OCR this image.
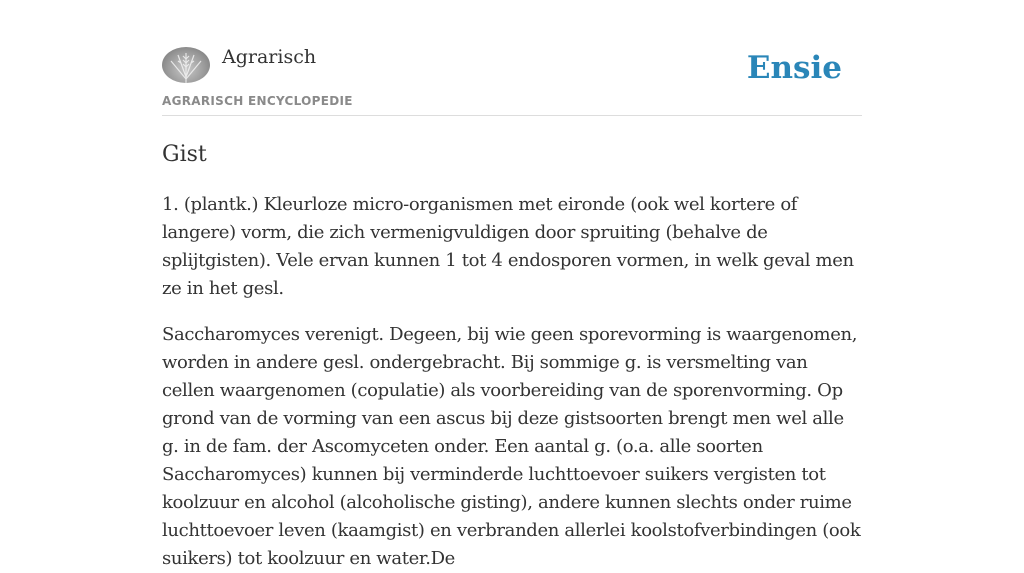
Agrarisch
AGRARISCH ENCYCLOPEDIE
Ensie
Gist

1. (plantk.) Kleurloze micro-organismen met eironde (ook wel kortere of langere) vorm, die zich vermenigvuldigen door spruiting (behalve de splijtgisten). Vele ervan kunnen 1 tot 4 endosporen vormen, in welk geval men ze in het gesl.

Saccharomyces verenigt. Degeen, bij wie geen sporevorming is waargenomen, worden in andere gesl. ondergebracht. Bij sommige g. is versmelting van cellen waargenomen (copulatie) als voorbereiding van de sporenvorming. Op grond van de vorming van een ascus bij deze gistsoorten brengt men wel alle g. in de fam. der Ascomyceten onder. Een aantal g. (o.a. alle soorten Saccharomyces) kunnen bij verminderde luchttoevoer suikers vergisten tot koolzuur en alcohol (alcoholische gisting), andere kunnen slechts onder ruime luchttoevoer leven (kaamgist) en verbranden allerlei koolstofverbindingen (ook suikers) tot koolzuur en water.De
